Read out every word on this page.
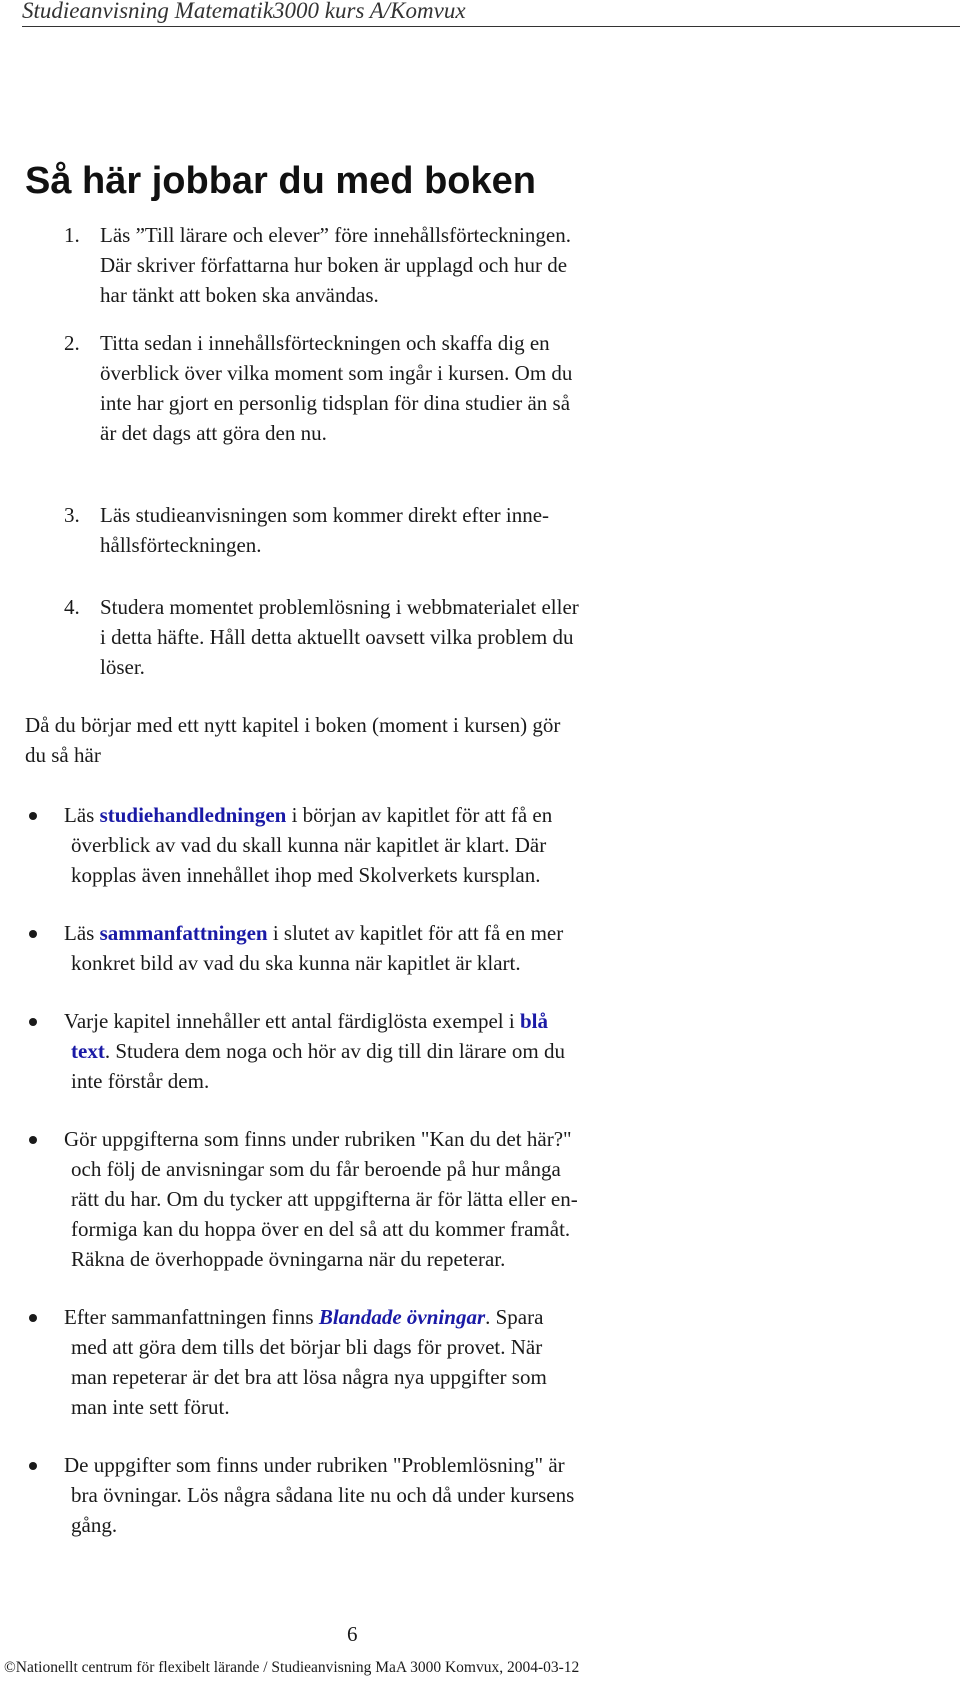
Studieanvisning Matematik3000 kurs A/Komvux
Så här jobbar du med boken
1. Läs ”Till lärare och elever” före innehållsförteckningen.
Där skriver författarna hur boken är upplagd och hur de
har tänkt att boken ska användas.
2. Titta sedan i innehållsförteckningen och skaffa dig en
överblick över vilka moment som ingår i kursen. Om du
inte har gjort en personlig tidsplan för dina studier än så
är det dags att göra den nu.
3. Läs studieanvisningen som kommer direkt efter inne-
hållsförteckningen.
4. Studera momentet problemlösning i webbmaterialet eller
i detta häfte. Håll detta aktuellt oavsett vilka problem du
löser.
Då du börjar med ett nytt kapitel i boken (moment i kursen) gör
du så här
Läs studiehandledningen i början av kapitlet för att få en
överblick av vad du skall kunna när kapitlet är klart. Där
kopplas även innehållet ihop med Skolverkets kursplan.
Läs sammanfattningen i slutet av kapitlet för att få en mer
konkret bild av vad du ska kunna när kapitlet är klart.
Varje kapitel innehåller ett antal färdiglösta exempel i blå
text. Studera dem noga och hör av dig till din lärare om du
inte förstår dem.
Gör uppgifterna som finns under rubriken "Kan du det här?"
och följ de anvisningar som du får beroende på hur många
rätt du har. Om du tycker att uppgifterna är för lätta eller en-
formiga kan du hoppa över en del så att du kommer framåt.
Räkna de överhoppade övningarna när du repeterar.
Efter sammanfattningen finns Blandade övningar. Spara
med att göra dem tills det börjar bli dags för provet. När
man repeterar är det bra att lösa några nya uppgifter som
man inte sett förut.
De uppgifter som finns under rubriken "Problemlösning" är
bra övningar. Lös några sådana lite nu och då under kursens
gång.
6
©Nationellt centrum för flexibelt lärande / Studieanvisning MaA 3000 Komvux, 2004-03-12
